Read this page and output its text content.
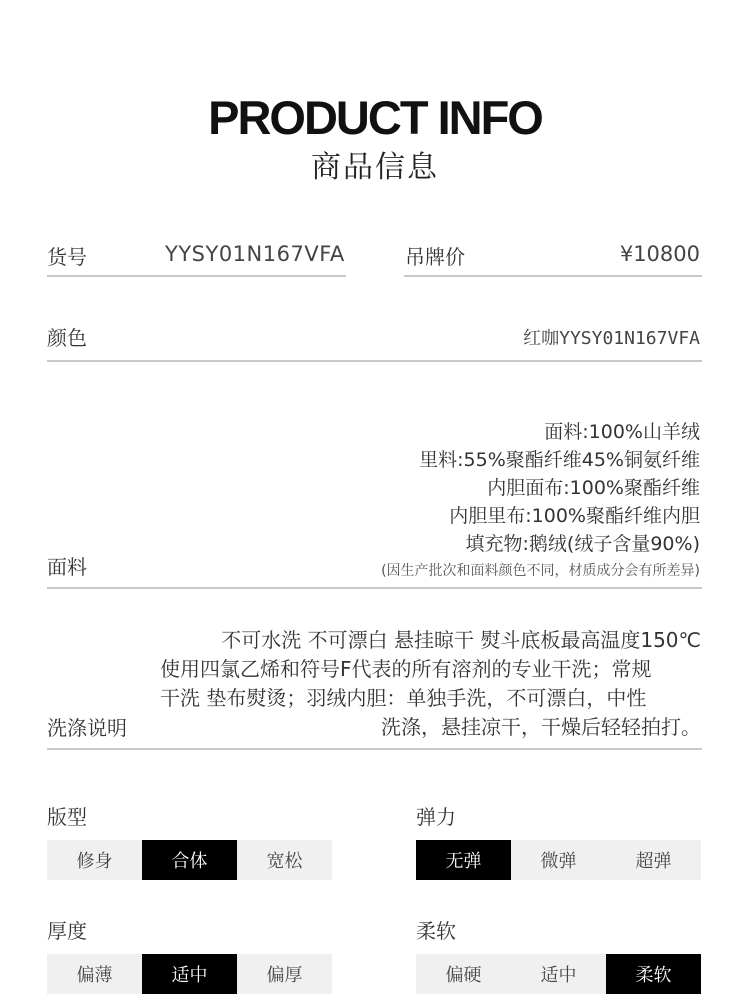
PRODUCT INFO
商品信息
货号	YYSY01N167VFA	吊牌价	¥10800
颜色	红咖YYSY01N167VFA
面料
面料:100%山羊绒
里料:55%聚酯纤维45%铜氨纤维
内胆面布:100%聚酯纤维
内胆里布:100%聚酯纤维内胆
填充物:鹅绒(绒子含量90%)
(因生产批次和面料颜色不同，材质成分会有所差异)
洗涤说明
不可水洗 不可漂白 悬挂晾干 熨斗底板最高温度150℃
使用四氯乙烯和符号F代表的所有溶剂的专业干洗；常规
干洗 垫布熨烫；羽绒内胆：单独手洗，不可漂白，中性
洗涤，悬挂凉干，干燥后轻轻拍打。
版型
修身	合体	宽松
弹力
无弹	微弹	超弹
厚度
偏薄	适中	偏厚
柔软
偏硬	适中	柔软
